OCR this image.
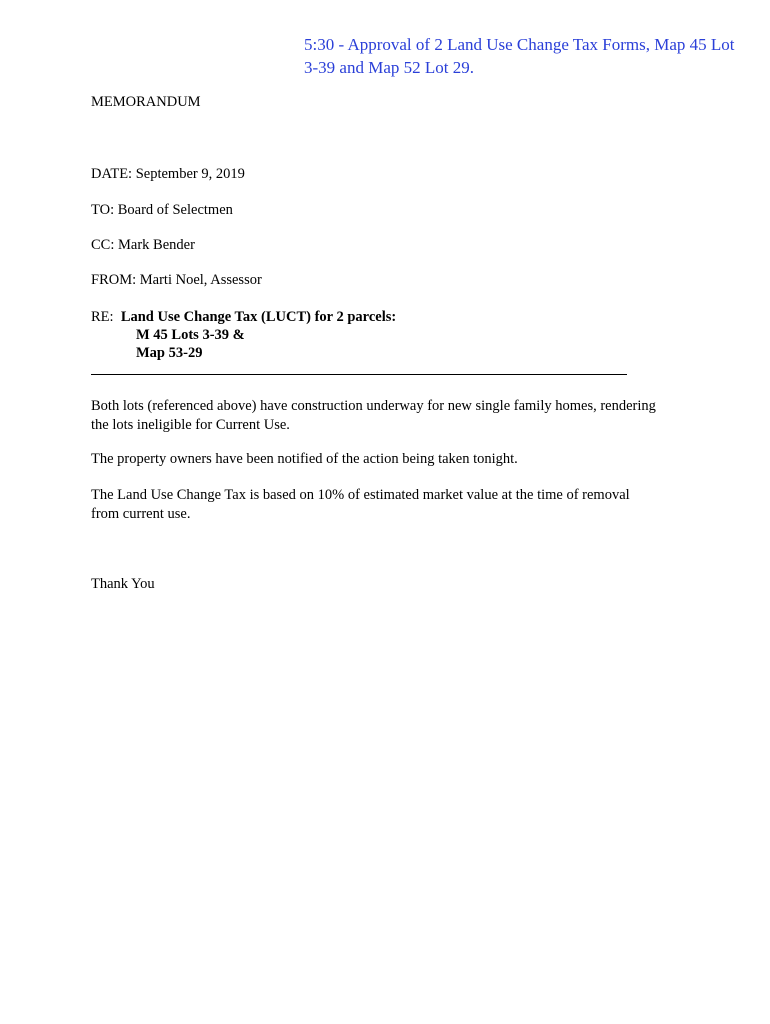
5:30 - Approval of 2 Land Use Change Tax Forms, Map 45 Lot
3-39 and Map 52 Lot 29.
MEMORANDUM
DATE: September 9, 2019
TO: Board of Selectmen
CC: Mark Bender
FROM: Marti Noel, Assessor
RE: Land Use Change Tax (LUCT) for 2 parcels:
M 45 Lots 3-39 &
Map 53-29
Both lots (referenced above) have construction underway for new single family homes, rendering
the lots ineligible for Current Use.
The property owners have been notified of the action being taken tonight.
The Land Use Change Tax is based on 10% of estimated market value at the time of removal
from current use.
Thank You
